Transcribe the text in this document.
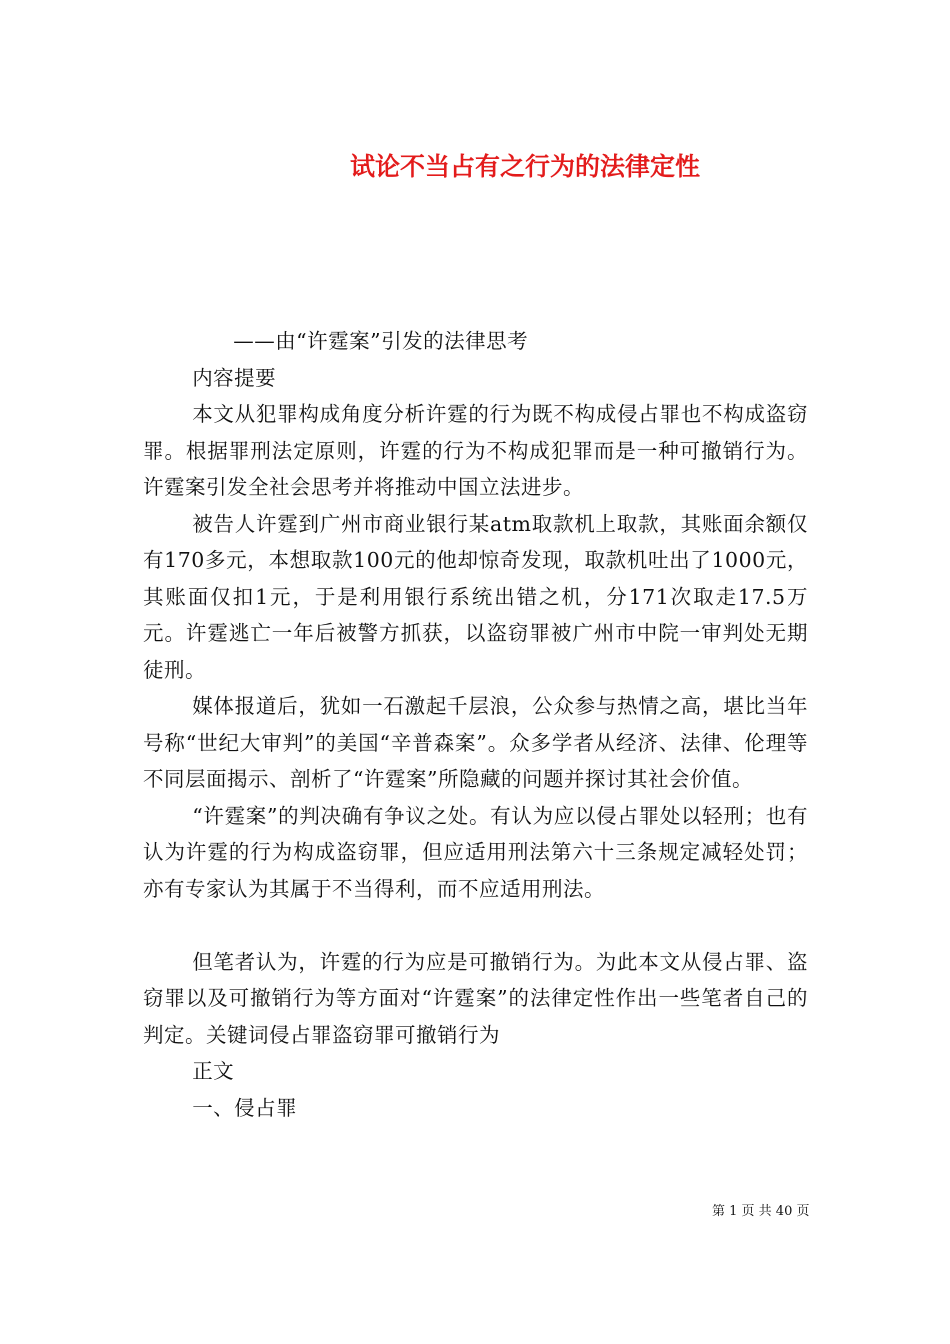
试论不当占有之行为的法律定性

——由“许霆案”引发的法律思考

内容提要

本文从犯罪构成角度分析许霆的行为既不构成侵占罪也不构成盗窃罪。根据罪刑法定原则，许霆的行为不构成犯罪而是一种可撤销行为。许霆案引发全社会思考并将推动中国立法进步。

被告人许霆到广州市商业银行某atm取款机上取款，其账面余额仅有170多元，本想取款100元的他却惊奇发现，取款机吐出了1000元，其账面仅扣1元，于是利用银行系统出错之机，分171次取走17.5万元。许霆逃亡一年后被警方抓获，以盗窃罪被广州市中院一审判处无期徒刑。

媒体报道后，犹如一石激起千层浪，公众参与热情之高，堪比当年号称“世纪大审判”的美国“辛普森案”。众多学者从经济、法律、伦理等不同层面揭示、剖析了“许霆案”所隐藏的问题并探讨其社会价值。

“许霆案”的判决确有争议之处。有认为应以侵占罪处以轻刑；也有认为许霆的行为构成盗窃罪，但应适用刑法第六十三条规定减轻处罚；亦有专家认为其属于不当得利，而不应适用刑法。

但笔者认为，许霆的行为应是可撤销行为。为此本文从侵占罪、盗窃罪以及可撤销行为等方面对“许霆案”的法律定性作出一些笔者自己的判定。关键词侵占罪盗窃罪可撤销行为

正文

一、侵占罪

第 1 页 共 40 页
